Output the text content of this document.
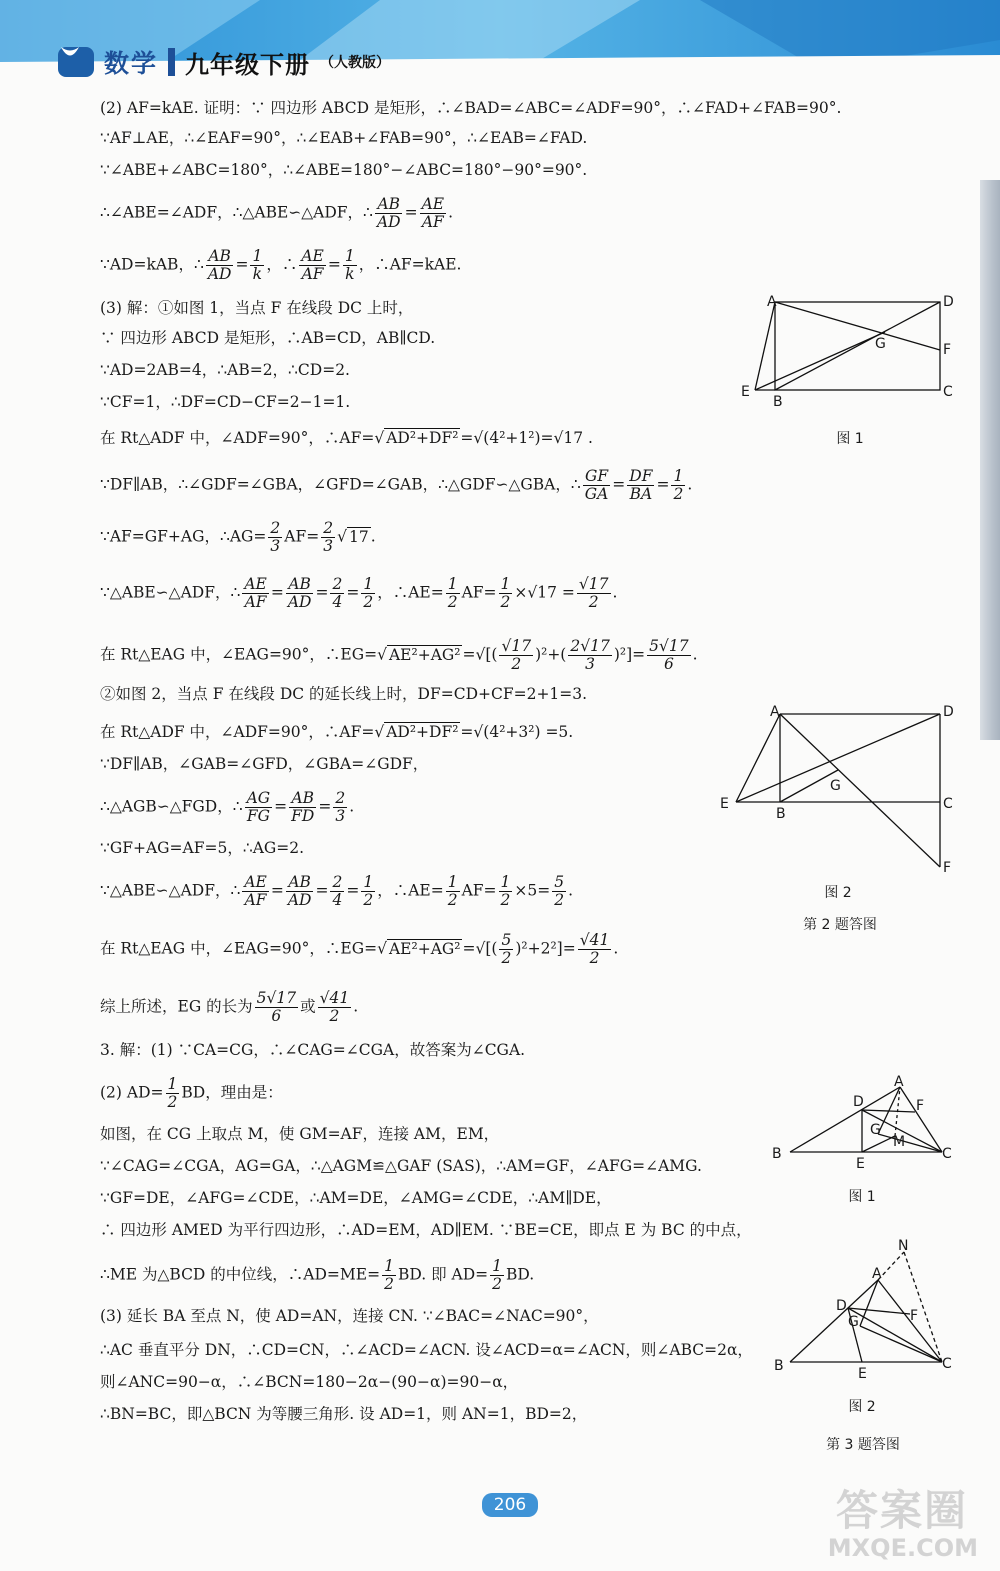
数学 九年级下册 （人教版）
(2) AF=kAE. 证明：∵ 四边形 ABCD 是矩形，∴∠BAD=∠ABC=∠ADF=90°，∴∠FAD+∠FAB=90°.
∵AF⊥AE，∴∠EAF=90°，∴∠EAB+∠FAB=90°，∴∠EAB=∠FAD.
∵∠ABE+∠ABC=180°，∴∠ABE=180°−∠ABC=180°−90°=90°.
∴∠ABE=∠ADF，∴△ABE∽△ADF，∴ $\frac{AB}{AD} = \frac{AE}{AF}$ .
∵AD=kAB，∴ $\frac{AB}{AD} = \frac{1}{k}$ ，∴ $\frac{AE}{AF} = \frac{1}{k}$ ，∴AF=kAE.
(3) 解：①如图 1，当点 F 在线段 DC 上时，
∵ 四边形 ABCD 是矩形，∴AB=CD，AB∥CD.
∵AD=2AB=4，∴AB=2，∴CD=2.
∵CF=1，∴DF=CD−CF=2−1=1.
在 Rt△ADF 中，∠ADF=90°，∴AF=√ AD²+DF² =√(4²+1²)=√17 .
∵DF∥AB，∴∠GDF=∠GBA，∠GFD=∠GAB，∴△GDF∽△GBA，∴ $\frac{GF}{GA} = \frac{DF}{BA} = \frac{1}{2}$ .
∵AF=GF+AG，∴AG= $\frac{2}{3} AF= \frac{2}{3}$ √ 17 .
∵△ABE∽△ADF，∴ $\frac{AE}{AF} = \frac{AB}{AD} = \frac{2}{4} = \frac{1}{2}$ ，∴AE= $\frac{1}{2} AF= \frac{1}{2} \times√17 = \frac{√17}{2}$ .
在 Rt△EAG 中，∠EAG=90°，∴EG=√ AE²+AG² =√[( $\frac{√17}{2} )^2+( \frac{2√17}{3} )^2]= \frac{5√17}{6}$ .
②如图 2，当点 F 在线段 DC 的延长线上时，DF=CD+CF=2+1=3.
在 Rt△ADF 中，∠ADF=90°，∴AF=√ AD²+DF² =√(4²+3²) =5.
∵DF∥AB，∠GAB=∠GFD，∠GBA=∠GDF，
∴△AGB∽△FGD，∴ $\frac{AG}{FG} = \frac{AB}{FD} = \frac{2}{3}$ .
∵GF+AG=AF=5，∴AG=2.
∵△ABE∽△ADF，∴ $\frac{AE}{AF} = \frac{AB}{AD} = \frac{2}{4} = \frac{1}{2}$ ，∴AE= $\frac{1}{2} AF= \frac{1}{2} \times 5= \frac{5}{2}$ .
在 Rt△EAG 中，∠EAG=90°，∴EG=√ AE²+AG² =√[( $\frac{5}{2} )^2+2^2]= \frac{√41}{2}$ .
综上所述，EG 的长为 $\frac{5√17}{6}$ 或 $\frac{√41}{2}$ .
3. 解：(1) ∵CA=CG，∴∠CAG=∠CGA，故答案为∠CGA.
(2) $AD= \frac{1}{2}$ BD，理由是：
如图，在 CG 上取点 M，使 GM=AF，连接 AM，EM，
∵∠CAG=∠CGA，AG=GA，∴△AGM≌△GAF (SAS)，∴AM=GF，∠AFG=∠AMG.
∵GF=DE，∠AFG=∠CDE，∴AM=DE，∠AMG=∠CDE，∴AM∥DE，
∴ 四边形 AMED 为平行四边形，∴AD=EM，AD∥EM. ∵BE=CE，即点 E 为 BC 的中点，
∴ME 为△BCD 的中位线，∴AD=ME= $\frac{1}{2}$ BD. 即 $AD= \frac{1}{2}$ BD.
(3) 延长 BA 至点 N，使 AD=AN，连接 CN. ∵∠BAC=∠NAC=90°，
∴AC 垂直平分 DN，∴CD=CN，∴∠ACD=∠ACN. 设∠ACD=α=∠ACN，则∠ABC=2α，
则∠ANC=90−α，∴∠BCN=180−2α−(90−α)=90−α，
∴BN=BC，即△BCN 为等腰三角形. 设 AD=1，则 AN=1，BD=2，
A	D
F
G
C
E
B
图 1
A	D
G
C
E
B
F
图 2
第 2 题答图
A
D	F
G
M
B
E
C
图 1
N
A
D
F
G
B	E
C
图 2
第 3 题答图
206	答案圈
MXQE.COM
